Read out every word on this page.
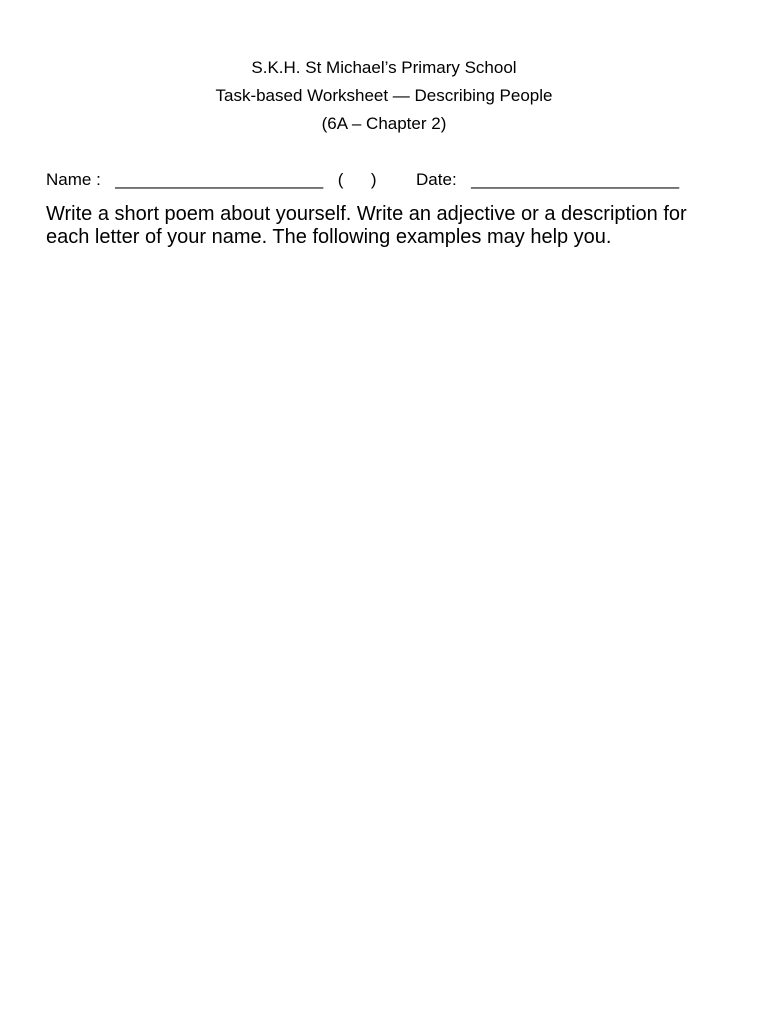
S.K.H. St Michael’s Primary School
Task-based Worksheet — Describing People
(6A – Chapter 2)
Name : ______________________ ( ) Date: ______________________
Write a short poem about yourself. Write an adjective or a description for
each letter of your name. The following examples may help you.
